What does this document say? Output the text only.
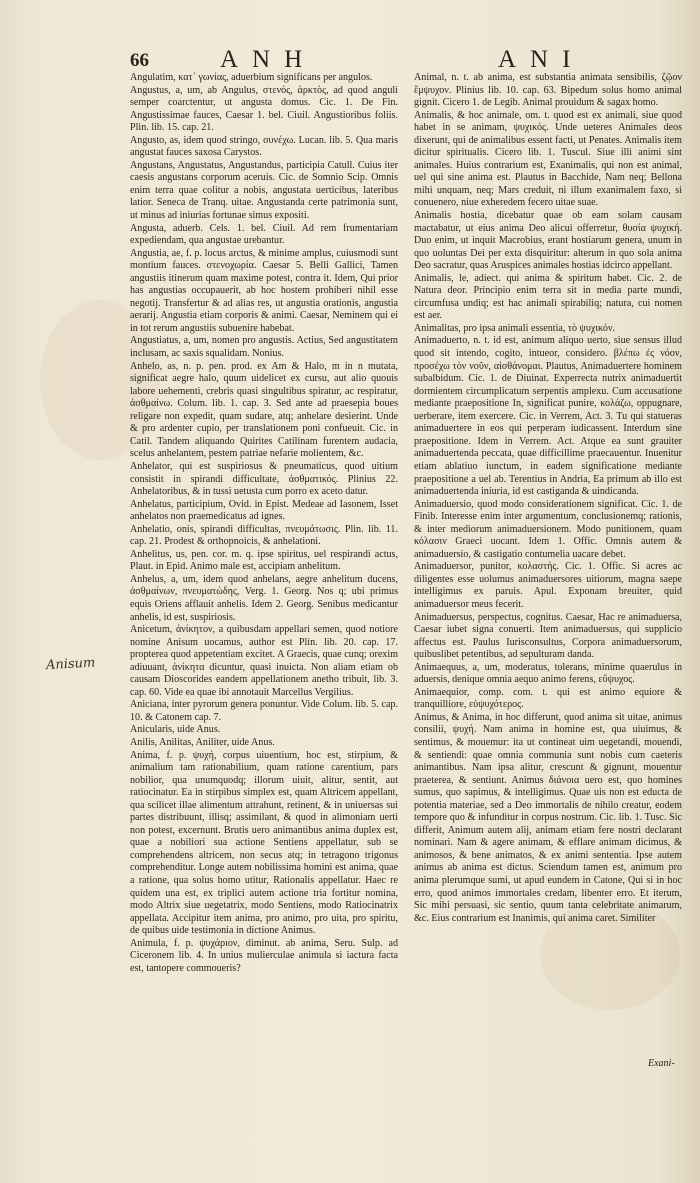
66	ANH	ANI
Angulatim, κατ᾽ γωνίας, aduerbium significans per angulos.
Angustus, a, um, ab Angulus, στενός, ἀρκτὸς, ad quod anguli semper coarctentur, ut angusta domus. Cic. 1. De Fin. Angustissimae fauces, Caesar 1. bel. Ciuil. Angustioribus foliis. Plin. lib. 15. cap. 21.
Angusto, as, idem quod stringo, συνέχω. Lucan. lib. 5. Qua maris angustat fauces saxosa Carystos.
Angustans, Angustatus, Angustandus, participia Catull. Cuius iter caesis angustans corporum aceruis. Cic. de Somnio Scip. Omnis enim terra quae colitur a nobis, angustata uerticibus, lateribus latior. Seneca de Tranq. uitae. Angustanda certe patrimonia sunt, ut minus ad iniurias fortunae simus expositi.
Angusta, aduerb. Cels. 1. bel. Ciuil. Ad rem frumentariam expediendam, qua angustae urebantur.
Angustia, ae, f. p. locus arctus, & minime amplus, cuiusmodi sunt montium fauces. στενοχωρία. Caesar 5. Belli Gallici, Tamen angustiis itinerum quam maxime potest, contra it. Idem, Qui prior has angustias occupauerit, ab hoc hostem prohiberi nihil esse negotij. Transfertur & ad alias res, ut angustia orationis, angustia aerarij. Angustia etiam corporis & animi. Caesar, Neminem qui ei in tot rerum angustiis subuenire habebat.
Angustiatus, a, um, nomen pro angustis. Actius, Sed angustitatem inclusam, ac saxis squalidam. Nonius.
Anhelo, as, n. p. pen. prod. ex Am & Halo, m in n mutata, significat aegre halo, quum uidelicet ex cursu, aut alio quouis labore uehementi, crebris quasi singultibus spiratur, ac respiratur, ἀσθμαίνω. Colum. lib. 1. cap. 3. Sed ante ad praesepia boues religare non expedit, quam sudare, atq; anhelare desierint. Unde & pro ardenter cupio, per translationem poni confueuit. Cic. in Catil. Tandem aliquando Quirites Catilinam furentem audacia, scelus anhelantem, pestem patriae nefarie molientem, &c.
Anhelator, qui est suspiriosus & pneumaticus, quod uitium consistit in spirandi difficultate, ἀσθματικός. Plinius 22. Anhelatoribus, & in tussi uetusta cum porro ex aceto datur.
Anhelatus, participium, Ovid. in Epist. Medeae ad Iasonem, Isset anhelatos non praemedicatus ad ignes.
Anhelatio, onis, spirandi difficultas, πνευμάτωσις. Plin. lib. 11. cap. 21. Prodest & orthopnoicis, & anhelationi.
Anhelitus, us, pen. cor. m. q. ipse spiritus, uel respirandi actus, Plaut. in Epid. Animo male est, accipiam anhelitum.
Anhelus, a, um, idem quod anhelans, aegre anhelitum ducens, ἀσθμαίνων, πνευματώδης, Verg. 1. Georg. Nos q; ubi primus equis Oriens afflauit anhelis. Idem 2. Georg. Senibus medicantur anhelis, id est, suspiriosis.
Anicetum, ἀνίκητον, a quibusdam appellari semen, quod notiore nomine Anisum uocamus, author est Plin. lib. 20. cap. 17. propterea quod appetentiam excitet. A Graecis, quae cunq; orexim adiuuant, ἀνίκητα dicuntur, quasi inuicta. Non aliam etiam ob causam Dioscorides eandem appellationem anetho tribuit, lib. 3. cap. 60. Vide ea quae ibi annotauit Marcellus Vergilius.
Aniciana, inter pyrorum genera ponuntur. Vide Colum. lib. 5. cap. 10. & Catonem cap. 7.
Anicularis, uide Anus.
Anilis, Anilitas, Aniliter, uide Anus.
Anima, f. p. ψυχή, corpus uiuentium, hoc est, stirpium, & animalium tam rationabilium, quam ratione carentium, pars nobilior, qua unumquodq; illorum uiuit, alitur, sentit, aut ratiocinatur. Ea in stirpibus simplex est, quam Altricem appellant, qua scilicet illae alimentum attrahunt, retinent, & in uniuersas sui partes distribuunt, illisq; assimilant, & quod in alimoniam uerti non potest, excernunt. Brutis uero animantibus anima duplex est, quae a nobiliori sua actione Sentiens appellatur, sub se comprehendens altricem, non secus atq; in tetragono trigonus comprehenditur. Longe autem nobilissima homini est anima, quae a ratione, qua solus homo utitur, Rationalis appellatur. Haec re quidem una est, ex triplici autem actione tria fortitur nomina, modo Altrix siue uegetatrix, modo Sentiens, modo Ratiocinatrix appellata. Accipitur item anima, pro animo, pro uita, pro spiritu, de quibus uide testimonia in dictione Animus.
Animula, f. p. ψυχάριον, diminut. ab anima, Seru. Sulp. ad Ciceronem lib. 4. In unius mulierculae animula si iactura facta est, tantopere commoueris?
Anisum
Animal, n. t. ab anima, est substantia animata sensibilis, ζῷον ἔμψυχον. Plinius lib. 10. cap. 63. Bipedum solus homo animal gignit. Cicero 1. de Legib. Animal prouidum & sagax homo.
Animalis, & hoc animale, om. t. quod est ex animali, siue quod habet in se animam, ψυχικός. Unde ueteres Animales deos dixerunt, qui de animalibus essent facti, ut Penates. Animalis item dicitur spiritualis. Cicero lib. 1. Tuscul. Siue illi animi sint animales. Huius contrarium est, Exanimalis, qui non est animal, uel qui sine anima est. Plautus in Bacchide, Nam neq; Bellona mihi unquam, neq; Mars creduit, ni illum exanimalem faxo, si conuenero, niue exheredem fecero uitae suae.
Animalis hostia, dicebatur quae ob eam solam causam mactabatur, ut eius anima Deo alicui offerretur, θυσία ψυχική. Duo enim, ut inquit Macrobius, erant hostiarum genera, unum in quo uoluntas Dei per exta disquiritur: alterum in quo sola anima Deo sacratur, quas Aruspices animales hostias idcirco appellant.
Animalis, le, adiect. qui anima & spiritum habet. Cic. 2. de Natura deor. Principio enim terra sit in media parte mundi, circumfusa undiq; est hac animali spirabiliq; natura, cui nomen est aer.
Animalitas, pro ipsa animali essentia, τὸ ψυχικόν.
Animaduerto, n. t. id est, animum aliquo uerto, siue sensus illud quod sit intendo, cogito, intueor, considero. βλέπω ἐς νόον, προσέχω τὸν νοῦν, αἰσθάνομαι. Plautus, Animaduertere hominem subalbidum. Cic. 1. de Diuinat. Experrecta nutrix animaduertit dormientem circumplicatum serpentis amplexu. Cum accusatione mediante praepositione In, significat punire, κολάζω, oppugnare, uerberare, item exercere. Cic. in Verrem, Act. 3. Tu qui statueras animaduertere in eos qui perperam iudicassent. Interdum sine praepositione. Idem in Verrem. Act. Atque ea sunt grauiter animaduertenda peccata, quae difficillime praecauentur. Inuenitur etiam ablatiuo iunctum, in eadem significatione mediante praepositione a uel ab. Terentius in Andria, Ea primum ab illo est animaduertenda iniuria, id est castiganda & uindicanda.
Animaduersio, quod modo considerationem significat. Cic. 1. de Finib. Interesse enim inter argumentum, conclusionemq; rationis, & inter mediorum animaduersionem. Modo punitionem, quam κόλασιν Graeci uocant. Idem 1. Offic. Omnis autem & animaduersio, & castigatio contumelia uacare debet.
Animaduersor, punitor, κολαστής. Cic. 1. Offic. Si acres ac diligentes esse uolumus animaduersores uitiorum, magna saepe intelligimus ex paruis. Apul. Exponam breuiter, quid animaduersor meus fecerit.
Animaduersus, perspectus, cognitus. Caesar, Hac re animaduersa, Caesar iubet signa conuerti. Item animaduersus, qui supplicio affectus est. Paulus Iurisconsultus, Corpora animaduersorum, quibuslibet petentibus, ad sepulturam danda.
Animaequus, a, um, moderatus, tolerans, minime quaerulus in aduersis, denique omnia aequo animo ferens, εὔψυχος.
Animaequior, comp. com. t. qui est animo equiore & tranquilliore, εὐψυχότερος.
Animus, & Anima, in hoc differunt, quod anima sit uitae, animus consilii, ψυχή. Nam anima in homine est, qua uiuimus, & sentimus, & mouemur: ita ut contineat uim uegetandi, mouendi, & sentiendi: quae omnia communia sunt nobis cum caeteris animantibus. Nam ipsa alitur, crescunt & gignunt, mouentur praeterea, & sentiunt. Animus διάνοια uero est, quo homines sumus, quo sapimus, & intelligimus. Quae uis non est educta de potentia materiae, sed a Deo immortalis de nihilo creatur, eodem tempore quo & infunditur in corpus nostrum. Cic. lib. 1. Tusc. Sic differit, Animum autem alij, animam etiam fere nostri declarant nominari. Nam & agere animam, & efflare animam dicimus, & animosos, & bene animatos, & ex animi sententia. Ipse autem animus ab anima est dictus. Sciendum tamen est, animum pro anima plerumque sumi, ut apud eundem in Catone, Qui si in hoc erro, quod animos immortales credam, libenter erro. Et iterum, Sic mihi persuasi, sic sentio, quum tanta celebritate animarum, &c. Eius contrarium est Inanimis, qui anima caret. Similiter
Exani-
